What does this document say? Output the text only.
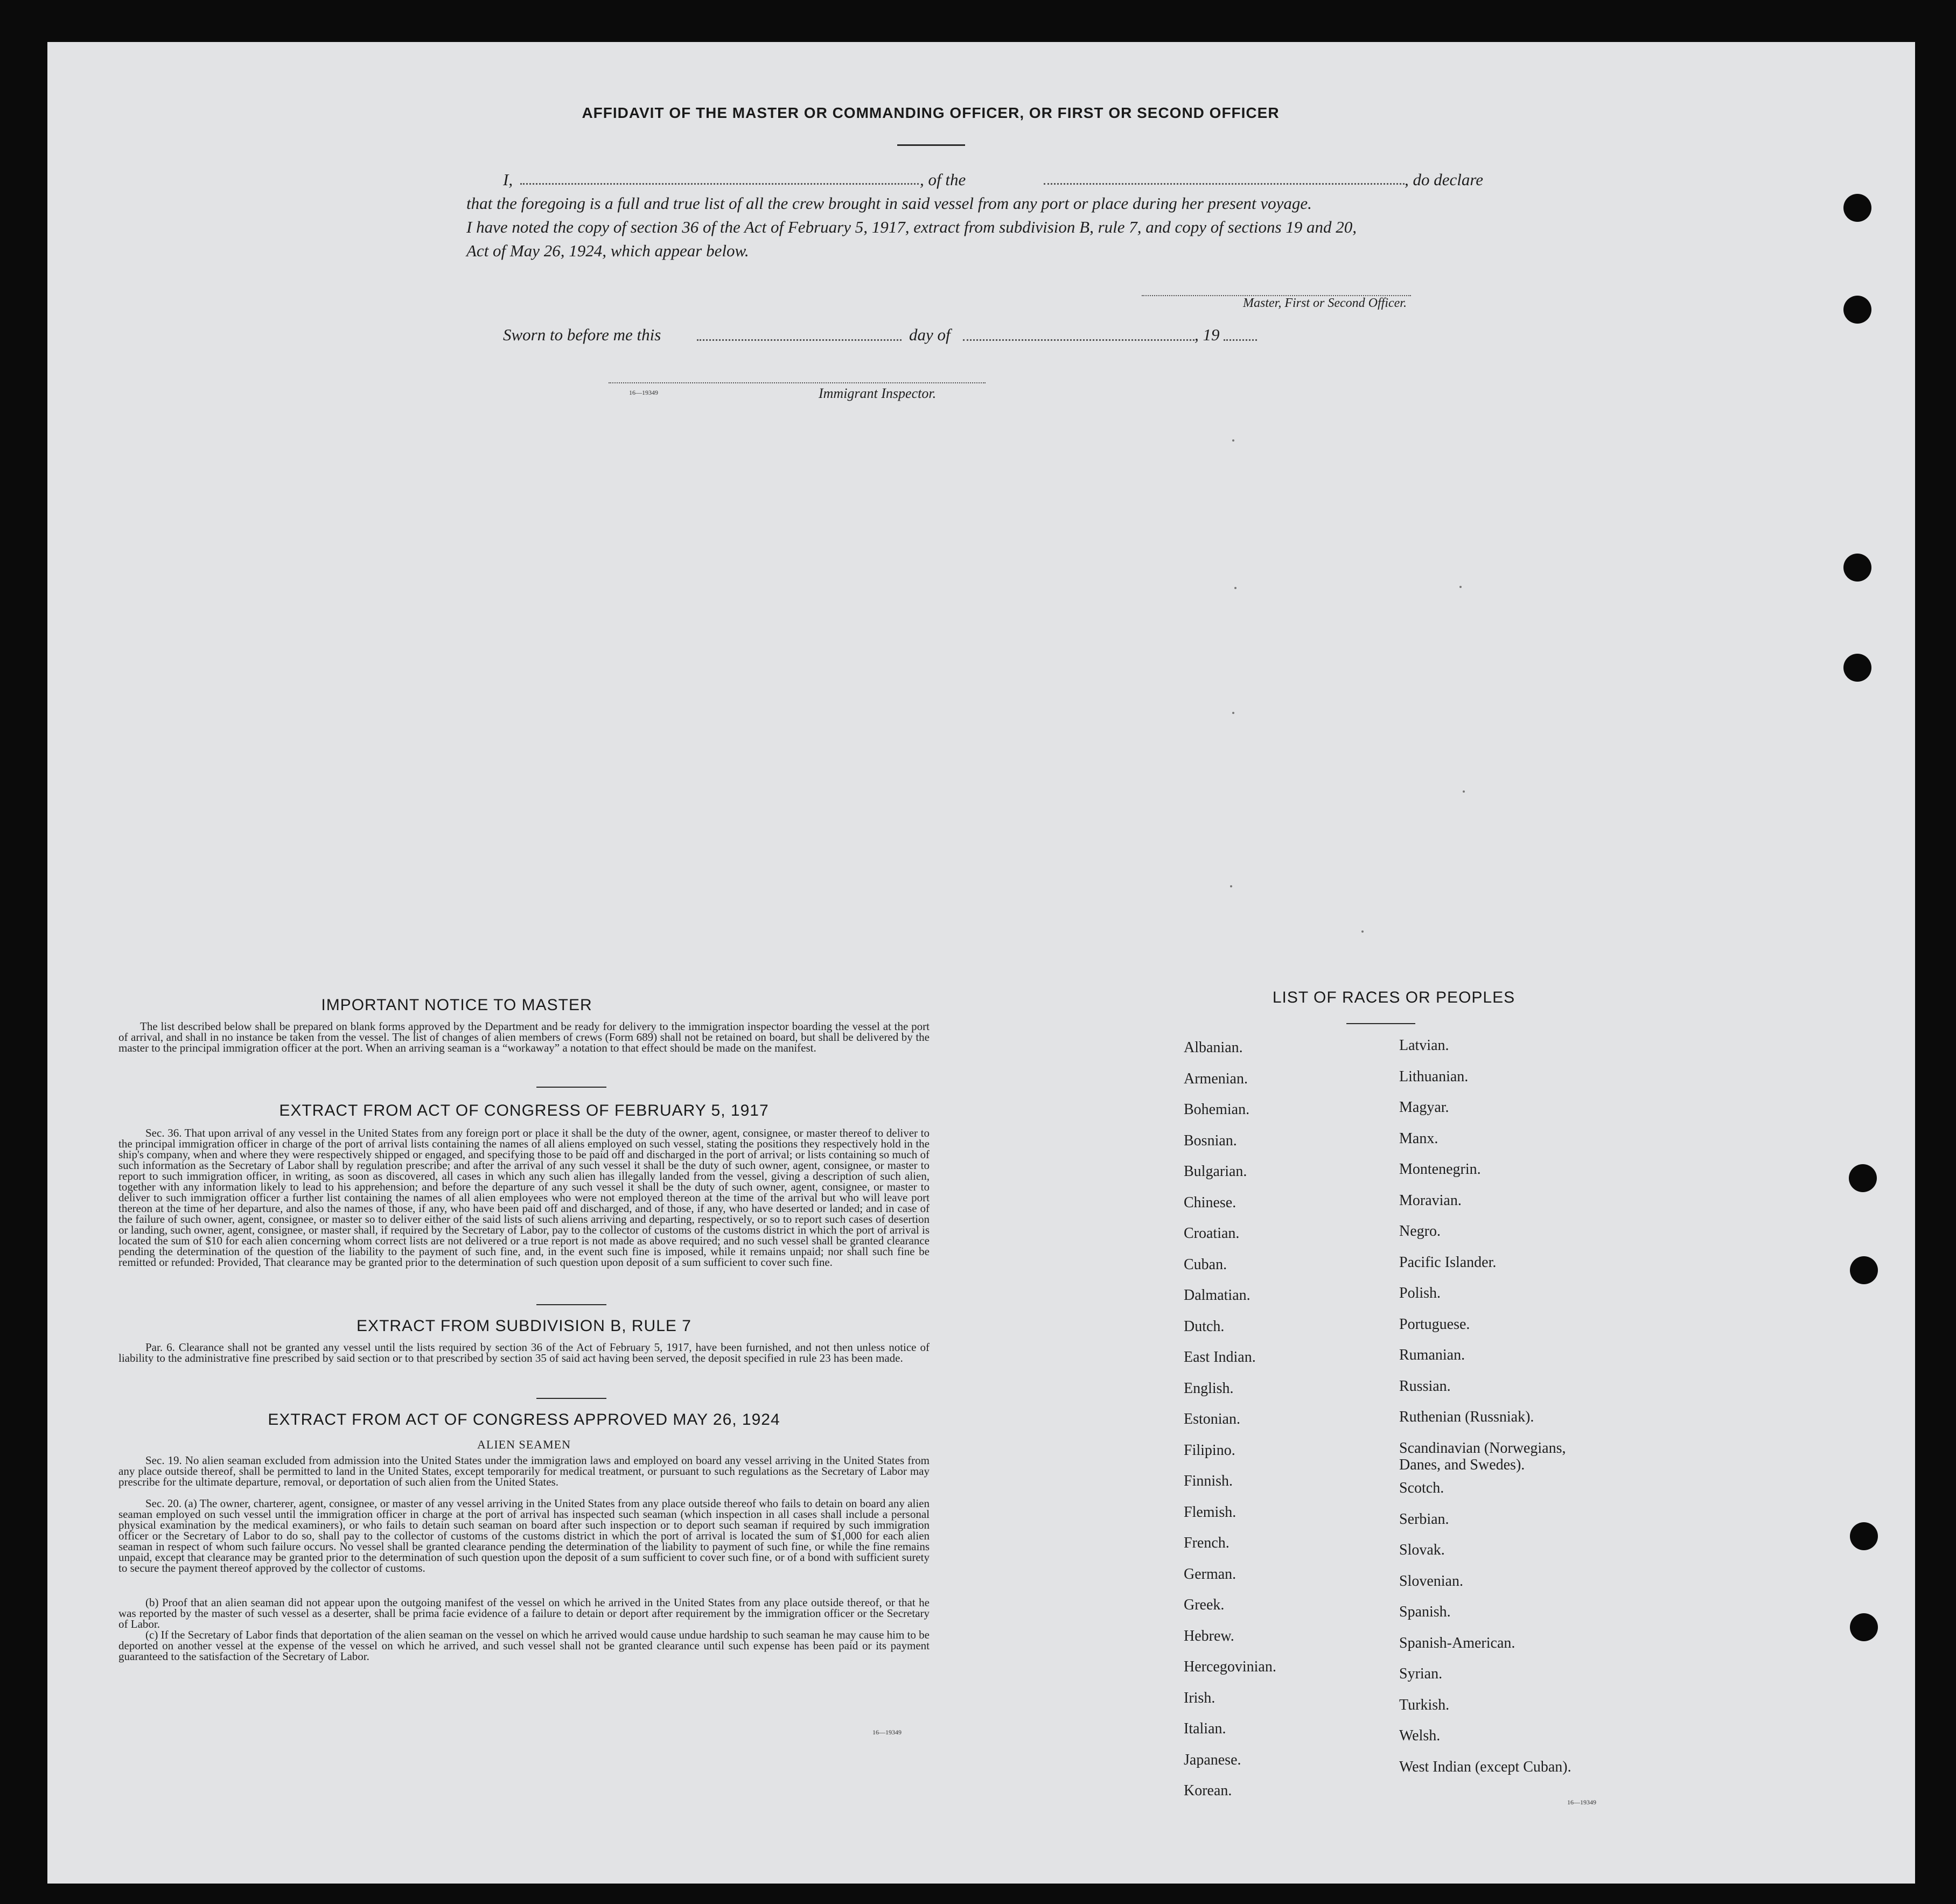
AFFIDAVIT OF THE MASTER OR COMMANDING OFFICER, OR FIRST OR SECOND OFFICER
I,	, of the	, do declare
that the foregoing is a full and true list of all the crew brought in said vessel from any port or place during her present voyage.
I have noted the copy of section 36 of the Act of February 5, 1917, extract from subdivision B, rule 7, and copy of sections 19 and 20,
Act of May 26, 1924, which appear below.
Master, First or Second Officer.
Sworn to before me this	day of	, 19
16—19349	Immigrant Inspector.
IMPORTANT NOTICE TO MASTER
The list described below shall be prepared on blank forms approved by the Department and be ready for delivery to the immigration inspector boarding the vessel at the port of arrival, and shall in no instance be taken from the vessel. The list of changes of alien members of crews (Form 689) shall not be retained on board, but shall be delivered by the master to the principal immigration officer at the port. When an arriving seaman is a “workaway” a notation to that effect should be made on the manifest.
EXTRACT FROM ACT OF CONGRESS OF FEBRUARY 5, 1917
Sec. 36. That upon arrival of any vessel in the United States from any foreign port or place it shall be the duty of the owner, agent, consignee, or master thereof to deliver to the principal immigration officer in charge of the port of arrival lists containing the names of all aliens employed on such vessel, stating the positions they respectively hold in the ship's company, when and where they were respectively shipped or engaged, and specifying those to be paid off and discharged in the port of arrival; or lists containing so much of such information as the Secretary of Labor shall by regulation prescribe; and after the arrival of any such vessel it shall be the duty of such owner, agent, consignee, or master to report to such immigration officer, in writing, as soon as discovered, all cases in which any such alien has illegally landed from the vessel, giving a description of such alien, together with any information likely to lead to his apprehension; and before the departure of any such vessel it shall be the duty of such owner, agent, consignee, or master to deliver to such immigration officer a further list containing the names of all alien employees who were not employed thereon at the time of the arrival but who will leave port thereon at the time of her departure, and also the names of those, if any, who have been paid off and discharged, and of those, if any, who have deserted or landed; and in case of the failure of such owner, agent, consignee, or master so to deliver either of the said lists of such aliens arriving and departing, respectively, or so to report such cases of desertion or landing, such owner, agent, consignee, or master shall, if required by the Secretary of Labor, pay to the collector of customs of the customs district in which the port of arrival is located the sum of $10 for each alien concerning whom correct lists are not delivered or a true report is not made as above required; and no such vessel shall be granted clearance pending the determination of the question of the liability to the payment of such fine, and, in the event such fine is imposed, while it remains unpaid; nor shall such fine be remitted or refunded: Provided, That clearance may be granted prior to the determination of such question upon deposit of a sum sufficient to cover such fine.
EXTRACT FROM SUBDIVISION B, RULE 7
Par. 6. Clearance shall not be granted any vessel until the lists required by section 36 of the Act of February 5, 1917, have been furnished, and not then unless notice of liability to the administrative fine prescribed by said section or to that prescribed by section 35 of said act having been served, the deposit specified in rule 23 has been made.
EXTRACT FROM ACT OF CONGRESS APPROVED MAY 26, 1924
ALIEN SEAMEN
Sec. 19. No alien seaman excluded from admission into the United States under the immigration laws and employed on board any vessel arriving in the United States from any place outside thereof, shall be permitted to land in the United States, except temporarily for medical treatment, or pursuant to such regulations as the Secretary of Labor may prescribe for the ultimate departure, removal, or deportation of such alien from the United States.
Sec. 20. (a) The owner, charterer, agent, consignee, or master of any vessel arriving in the United States from any place outside thereof who fails to detain on board any alien seaman employed on such vessel until the immigration officer in charge at the port of arrival has inspected such seaman (which inspection in all cases shall include a personal physical examination by the medical examiners), or who fails to detain such seaman on board after such inspection or to deport such seaman if required by such immigration officer or the Secretary of Labor to do so, shall pay to the collector of customs of the customs district in which the port of arrival is located the sum of $1,000 for each alien seaman in respect of whom such failure occurs. No vessel shall be granted clearance pending the determination of the liability to payment of such fine, or while the fine remains unpaid, except that clearance may be granted prior to the determination of such question upon the deposit of a sum sufficient to cover such fine, or of a bond with sufficient surety to secure the payment thereof approved by the collector of customs.
(b) Proof that an alien seaman did not appear upon the outgoing manifest of the vessel on which he arrived in the United States from any place outside thereof, or that he was reported by the master of such vessel as a deserter, shall be prima facie evidence of a failure to detain or deport after requirement by the immigration officer or the Secretary of Labor.
(c) If the Secretary of Labor finds that deportation of the alien seaman on the vessel on which he arrived would cause undue hardship to such seaman he may cause him to be deported on another vessel at the expense of the vessel on which he arrived, and such vessel shall not be granted clearance until such expense has been paid or its payment guaranteed to the satisfaction of the Secretary of Labor.
16—19349
LIST OF RACES OR PEOPLES
16—19349
Albanian.
Armenian.
Bohemian.
Bosnian.
Bulgarian.
Chinese.
Croatian.
Cuban.
Dalmatian.
Dutch.
East Indian.
English.
Estonian.
Filipino.
Finnish.
Flemish.
French.
German.
Greek.
Hebrew.
Hercegovinian.
Irish.
Italian.
Japanese.
Korean.
Latvian.
Lithuanian.
Magyar.
Manx.
Montenegrin.
Moravian.
Negro.
Pacific Islander.
Polish.
Portuguese.
Rumanian.
Russian.
Ruthenian (Russniak).
Scandinavian (Norwegians, Danes, and Swedes).
Scotch.
Serbian.
Slovak.
Slovenian.
Spanish.
Spanish-American.
Syrian.
Turkish.
Welsh.
West Indian (except Cuban).
